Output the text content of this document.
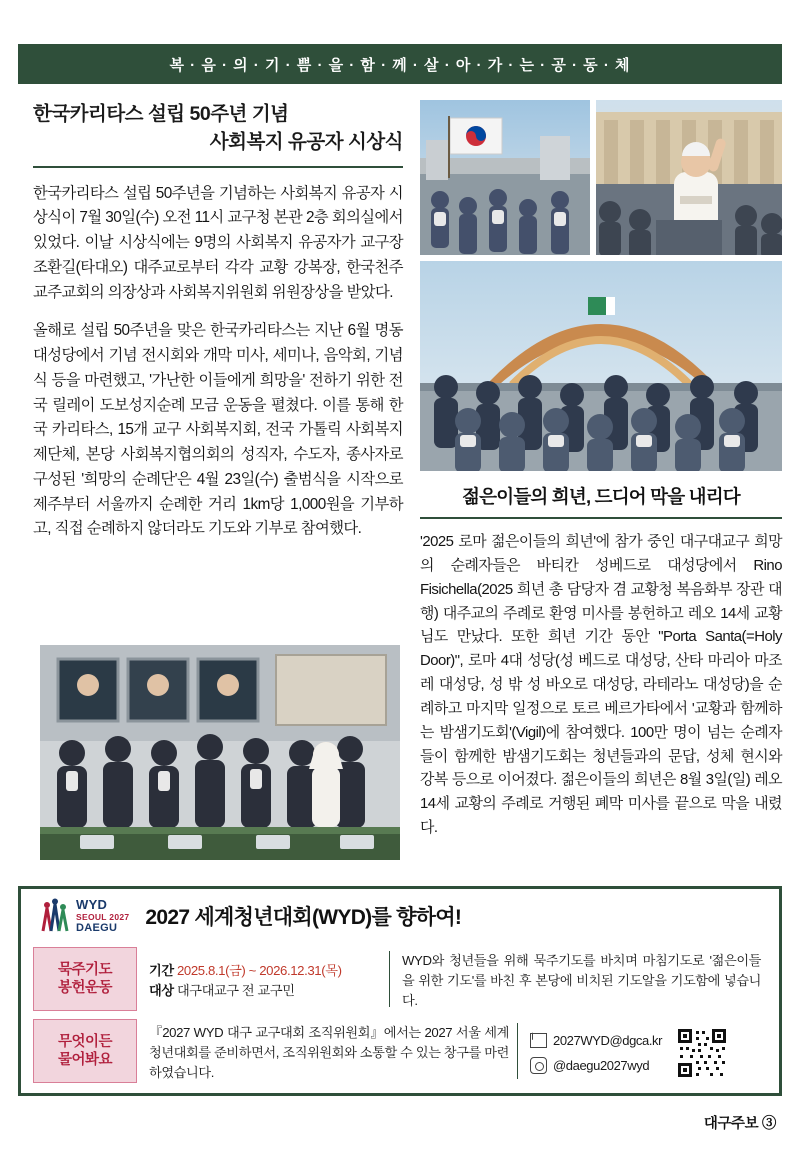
복 · 음 · 의 · 기 · 쁨 · 을 · 함 · 께 · 살 · 아 · 가 · 는 · 공 · 동 · 체
한국카리타스 설립 50주년 기념
사회복지 유공자 시상식

한국카리타스 설립 50주년을 기념하는 사회복지 유공자 시상식이 7월 30일(수) 오전 11시 교구청 본관 2층 회의실에서 있었다. 이날 시상식에는 9명의 사회복지 유공자가 교구장 조환길(타대오) 대주교로부터 각각 교황 강복장, 한국천주교주교회의 의장상과 사회복지위원회 위원장상을 받았다.

올해로 설립 50주년을 맞은 한국카리타스는 지난 6월 명동 대성당에서 기념 전시회와 개막 미사, 세미나, 음악회, 기념식 등을 마련했고, '가난한 이들에게 희망을' 전하기 위한 전국 릴레이 도보성지순례 모금 운동을 펼쳤다. 이를 통해 한국 카리타스, 15개 교구 사회복지회, 전국 가톨릭 사회복지 제단체, 본당 사회복지협의회의 성직자, 수도자, 종사자로 구성된 '희망의 순례단'은 4월 23일(수) 출범식을 시작으로 제주부터 서울까지 순례한 거리 1km당 1,000원을 기부하고, 직접 순례하지 않더라도 기도와 기부로 참여했다.

젊은이들의 희년, 드디어 막을 내리다

'2025 로마 젊은이들의 희년'에 참가 중인 대구대교구 희망의 순례자들은 바티칸 성베드로 대성당에서 Rino Fisichella(2025 희년 총 담당자 겸 교황청 복음화부 장관 대행) 대주교의 주례로 환영 미사를 봉헌하고 레오 14세 교황님도 만났다. 또한 희년 기간 동안 "Porta Santa(=Holy Door)", 로마 4대 성당(성 베드로 대성당, 산타 마리아 마조레 대성당, 성 밖 성 바오로 대성당, 라테라노 대성당)을 순례하고 마지막 일정으로 토르 베르가타에서 '교황과 함께하는 밤샘기도회'(Vigil)에 참여했다. 100만 명이 넘는 순례자들이 함께한 밤샘기도회는 청년들과의 문답, 성체 현시와 강복 등으로 이어졌다. 젊은이들의 희년은 8월 3일(일) 레오 14세 교황의 주례로 거행된 폐막 미사를 끝으로 막을 내렸다.

WYD
SEOUL 2027
DAEGU	2027 세계청년대회(WYD)를 향하여!
묵주기도
봉헌운동
기간 2025.8.1(금) ~ 2026.12.31(목)
대상 대구대교구 전 교구민
WYD와 청년들을 위해 묵주기도를 바치며 마침기도로 '젊은이들을 위한 기도'를 바친 후 본당에 비치된 기도알을 기도함에 넣습니다.
무엇이든
물어봐요
『2027 WYD 대구 교구대회 조직위원회』에서는 2027 서울 세계청년대회를 준비하면서, 조직위원회와 소통할 수 있는 창구를 마련하였습니다.
2027WYD@dgca.kr
@daegu2027wyd
대구주보 ③
